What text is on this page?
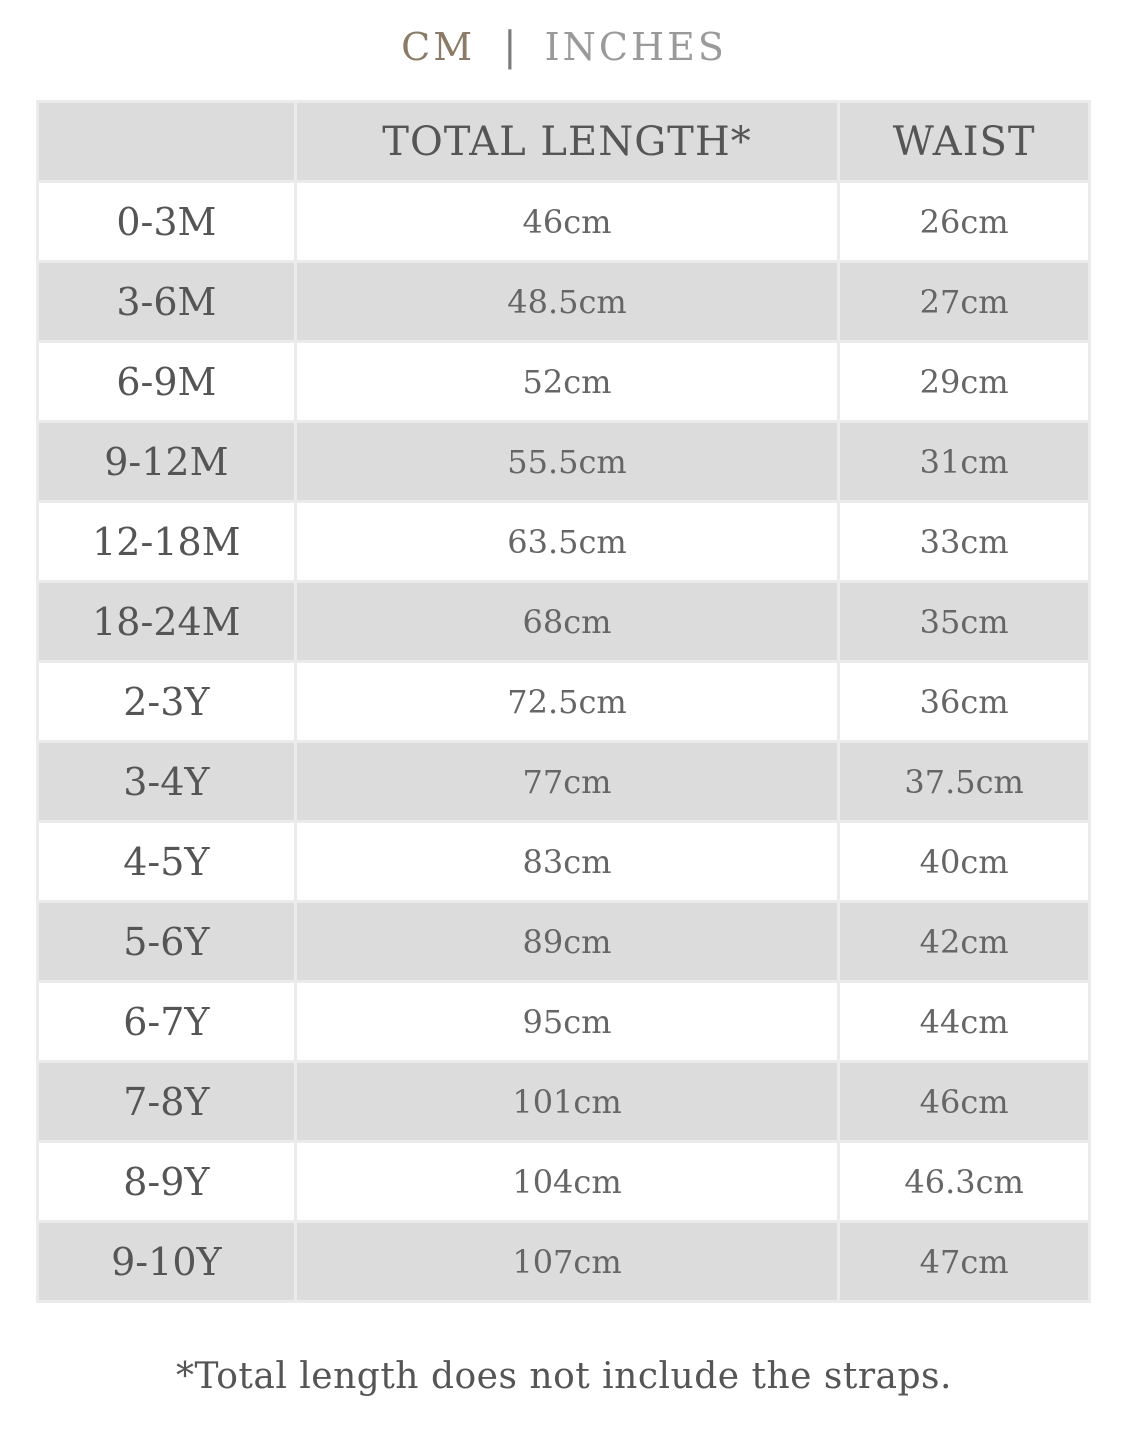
CM | INCHES
	TOTAL LENGTH*	WAIST
0-3M	46cm	26cm
3-6M	48.5cm	27cm
6-9M	52cm	29cm
9-12M	55.5cm	31cm
12-18M	63.5cm	33cm
18-24M	68cm	35cm
2-3Y	72.5cm	36cm
3-4Y	77cm	37.5cm
4-5Y	83cm	40cm
5-6Y	89cm	42cm
6-7Y	95cm	44cm
7-8Y	101cm	46cm
8-9Y	104cm	46.3cm
9-10Y	107cm	47cm
*Total length does not include the straps.
